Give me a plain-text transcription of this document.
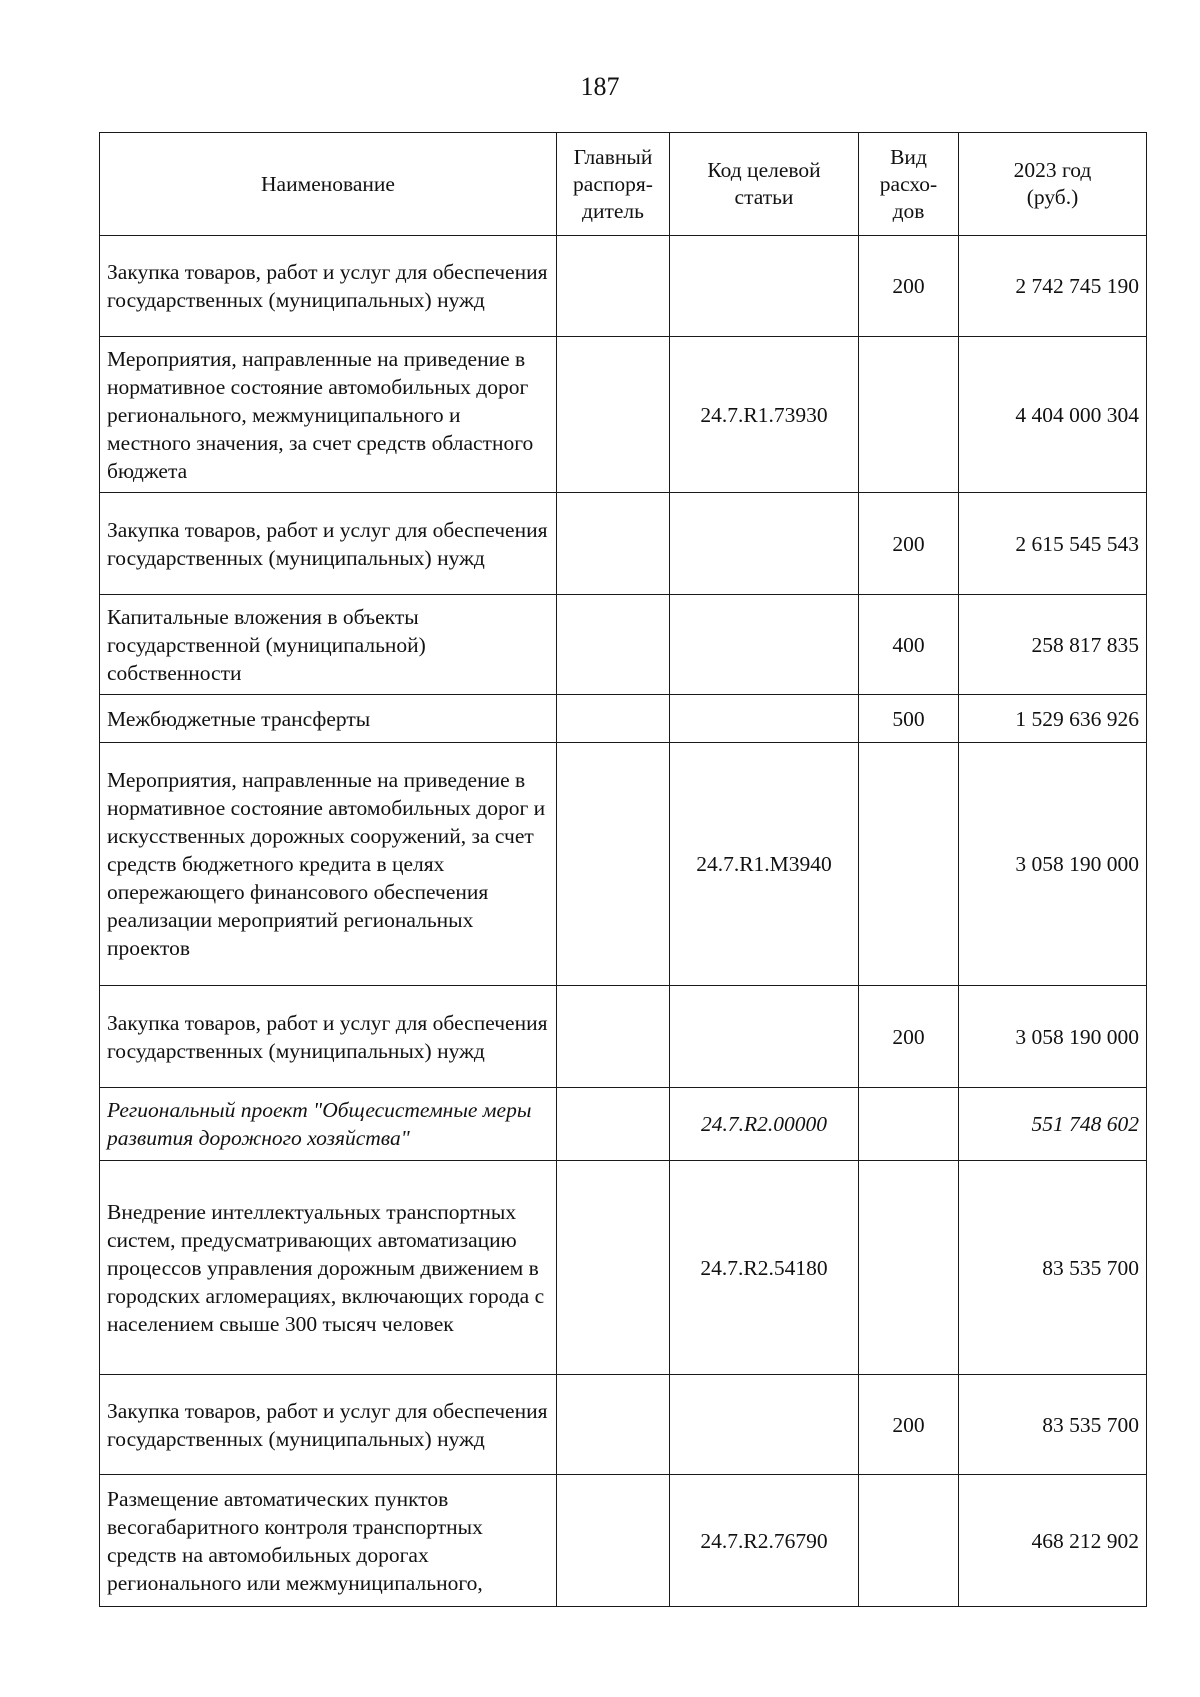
187
Наименование	Главный
распоря-
дитель	Код целевой
статьи	Вид
расхо-
дов	2023 год
(руб.)
Закупка товаров, работ и услуг для обеспечения государственных (муниципальных) нужд			200	2 742 745 190
Мероприятия, направленные на приведение в нормативное состояние автомобильных дорог регионального, межмуниципального и местного значения, за счет средств областного бюджета		24.7.R1.73930		4 404 000 304
Закупка товаров, работ и услуг для обеспечения государственных (муниципальных) нужд			200	2 615 545 543
Капитальные вложения в объекты государственной (муниципальной) собственности			400	258 817 835
Межбюджетные трансферты			500	1 529 636 926
Мероприятия, направленные на приведение в нормативное состояние автомобильных дорог и искусственных дорожных сооружений, за счет средств бюджетного кредита в целях опережающего финансового обеспечения реализации мероприятий региональных проектов		24.7.R1.M3940		3 058 190 000
Закупка товаров, работ и услуг для обеспечения государственных (муниципальных) нужд			200	3 058 190 000
Региональный проект "Общесистемные меры развития дорожного хозяйства"		24.7.R2.00000		551 748 602
Внедрение интеллектуальных транспортных систем, предусматривающих автоматизацию процессов управления дорожным движением в городских агломерациях, включающих города с населением свыше 300 тысяч человек		24.7.R2.54180		83 535 700
Закупка товаров, работ и услуг для обеспечения государственных (муниципальных) нужд			200	83 535 700
Размещение автоматических пунктов весогабаритного контроля транспортных средств на автомобильных дорогах регионального или межмуниципального,		24.7.R2.76790		468 212 902
